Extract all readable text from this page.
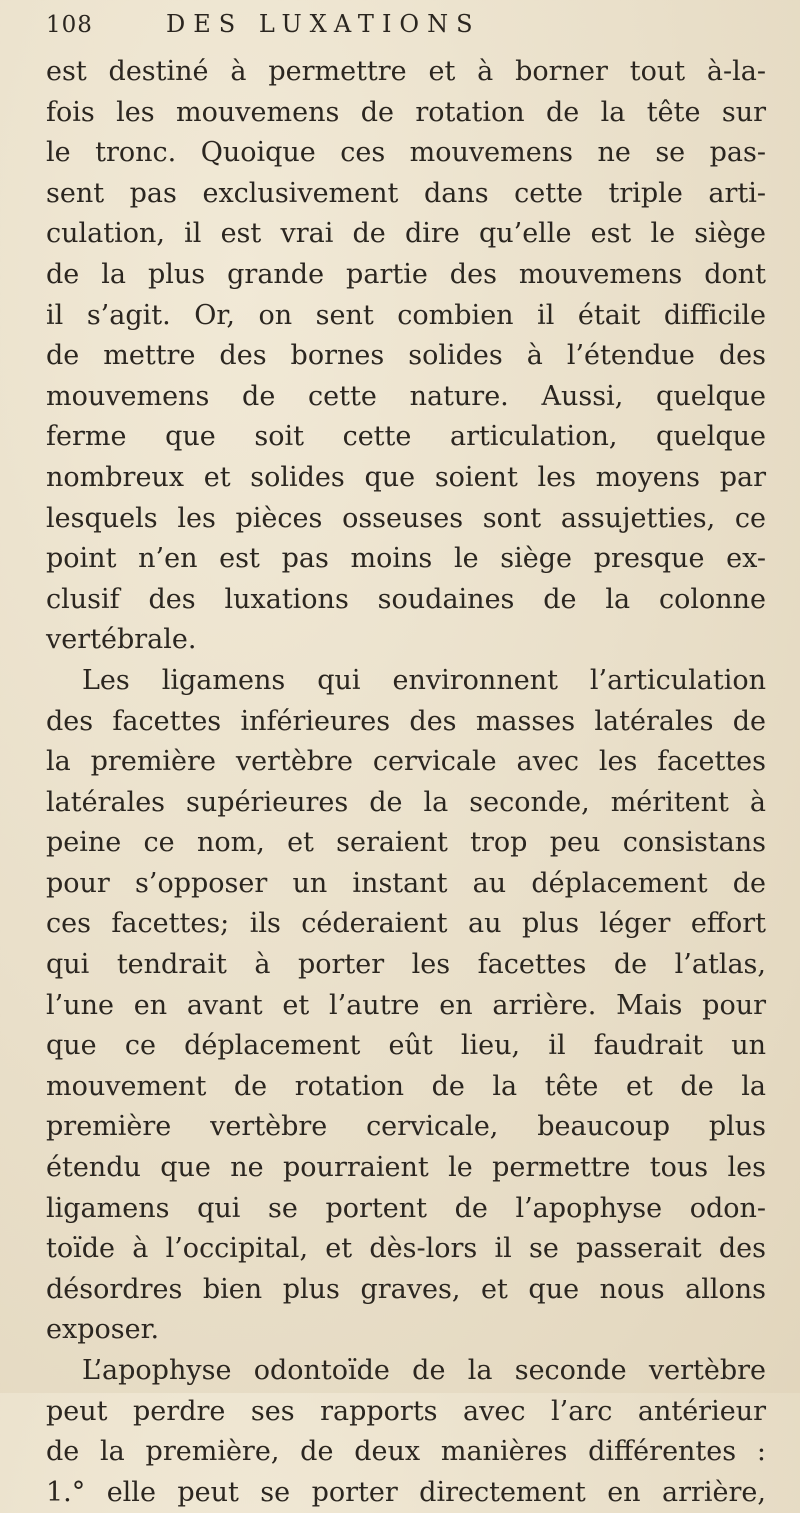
108	DES LUXATIONS
est destiné à permettre et à borner tout à-la-
fois les mouvemens de rotation de la tête sur
le tronc. Quoique ces mouvemens ne se pas-
sent pas exclusivement dans cette triple arti-
culation, il est vrai de dire qu’elle est le siège
de la plus grande partie des mouvemens dont
il s’agit. Or, on sent combien il était difficile
de mettre des bornes solides à l’étendue des
mouvemens de cette nature. Aussi, quelque
ferme que soit cette articulation, quelque
nombreux et solides que soient les moyens par
lesquels les pièces osseuses sont assujetties, ce
point n’en est pas moins le siège presque ex-
clusif des luxations soudaines de la colonne
vertébrale.
Les ligamens qui environnent l’articulation
des facettes inférieures des masses latérales de
la première vertèbre cervicale avec les facettes
latérales supérieures de la seconde, méritent à
peine ce nom, et seraient trop peu consistans
pour s’opposer un instant au déplacement de
ces facettes; ils céderaient au plus léger effort
qui tendrait à porter les facettes de l’atlas,
l’une en avant et l’autre en arrière. Mais pour
que ce déplacement eût lieu, il faudrait un
mouvement de rotation de la tête et de la
première vertèbre cervicale, beaucoup plus
étendu que ne pourraient le permettre tous les
ligamens qui se portent de l’apophyse odon-
toïde à l’occipital, et dès-lors il se passerait des
désordres bien plus graves, et que nous allons
exposer.
L’apophyse odontoïde de la seconde vertèbre
peut perdre ses rapports avec l’arc antérieur
de la première, de deux manières différentes :
1.° elle peut se porter directement en arrière,
